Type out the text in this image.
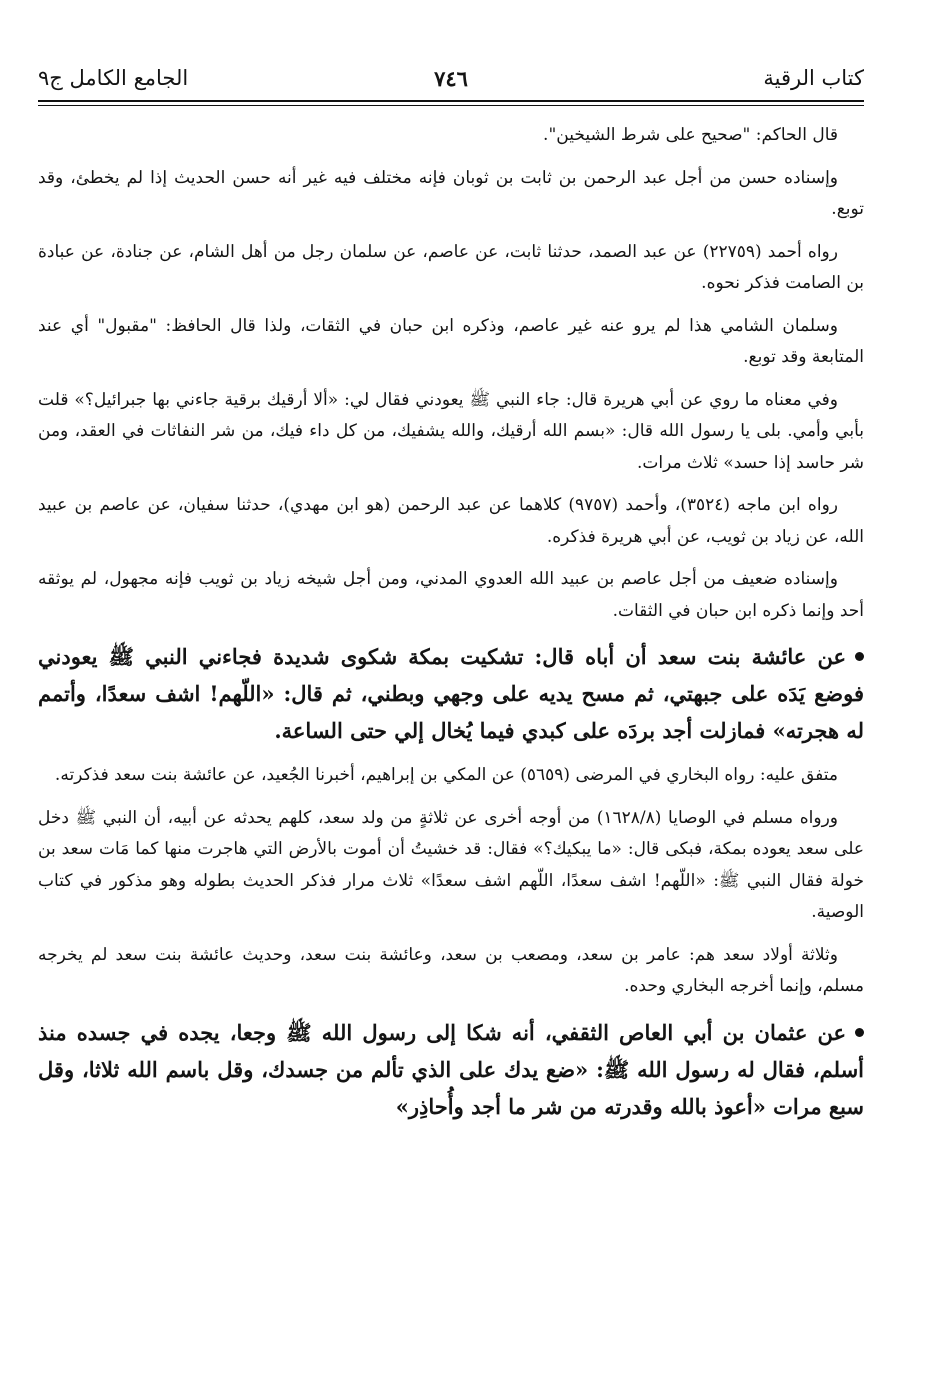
كتاب الرقية
٧٤٦
الجامع الكامل ج٩

قال الحاكم: "صحيح على شرط الشيخين".

وإسناده حسن من أجل عبد الرحمن بن ثابت بن ثوبان فإنه مختلف فيه غير أنه حسن الحديث إذا لم يخطئ، وقد توبع.

رواه أحمد (٢٢٧٥٩) عن عبد الصمد، حدثنا ثابت، عن عاصم، عن سلمان رجل من أهل الشام، عن جنادة، عن عبادة بن الصامت فذكر نحوه.

وسلمان الشامي هذا لم يرو عنه غير عاصم، وذكره ابن حبان في الثقات، ولذا قال الحافظ: "مقبول" أي عند المتابعة وقد توبع.

وفي معناه ما روي عن أبي هريرة قال: جاء النبي ﷺ يعودني فقال لي: «ألا أرقيك برقية جاءني بها جبرائيل؟» قلت بأبي وأمي. بلى يا رسول الله قال: «بسم الله أرقيك، والله يشفيك، من كل داء فيك، من شر النفاثات في العقد، ومن شر حاسد إذا حسد» ثلاث مرات.

رواه ابن ماجه (٣٥٢٤)، وأحمد (٩٧٥٧) كلاهما عن عبد الرحمن (هو ابن مهدي)، حدثنا سفيان، عن عاصم بن عبيد الله، عن زياد بن ثويب، عن أبي هريرة فذكره.

وإسناده ضعيف من أجل عاصم بن عبيد الله العدوي المدني، ومن أجل شيخه زياد بن ثويب فإنه مجهول، لم يوثقه أحد وإنما ذكره ابن حبان في الثقات.

عن عائشة بنت سعد أن أباه قال: تشكيت بمكة شكوى شديدة فجاءني النبي ﷺ يعودني فوضع يَدَه على جبهتي، ثم مسح يديه على وجهي وبطني، ثم قال: «اللّهم! اشف سعدًا، وأتمم له هجرته» فمازلت أجد بردَه على كبدي فيما يُخال إلي حتى الساعة.

متفق عليه: رواه البخاري في المرضى (٥٦٥٩) عن المكي بن إبراهيم، أخبرنا الجُعيد، عن عائشة بنت سعد فذكرته.

ورواه مسلم في الوصايا (١٦٢٨/٨) من أوجه أخرى عن ثلاثةٍ من ولد سعد، كلهم يحدثه عن أبيه، أن النبي ﷺ دخل على سعد يعوده بمكة، فبكى قال: «ما يبكيك؟» فقال: قد خشيتُ أن أموت بالأرض التي هاجرت منها كما مَات سعد بن خولة فقال النبي ﷺ: «اللّهم! اشف سعدًا، اللّهم اشف سعدًا» ثلاث مرار فذكر الحديث بطوله وهو مذكور في كتاب الوصية.

وثلاثة أولاد سعد هم: عامر بن سعد، ومصعب بن سعد، وعائشة بنت سعد، وحديث عائشة بنت سعد لم يخرجه مسلم، وإنما أخرجه البخاري وحده.

عن عثمان بن أبي العاص الثقفي، أنه شكا إلى رسول الله ﷺ وجعا، يجده في جسده منذ أسلم، فقال له رسول الله ﷺ: «ضع يدك على الذي تألم من جسدك، وقل باسم الله ثلاثا، وقل سبع مرات «أعوذ بالله وقدرته من شر ما أجد وأُحاذِر»
